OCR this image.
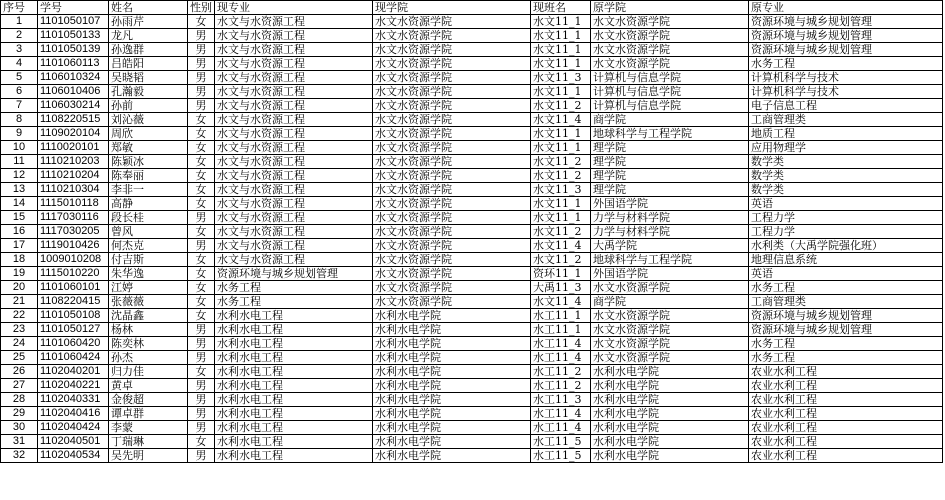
序号	学号	姓名	性别	现专业	现学院	现班名	原学院	原专业
1	1101050107	孙雨芹	女	水文与水资源工程	水文水资源学院	水文11_1	水文水资源学院	资源环境与城乡规划管理
2	1101050133	龙凡	男	水文与水资源工程	水文水资源学院	水文11_1	水文水资源学院	资源环境与城乡规划管理
3	1101050139	孙逸群	男	水文与水资源工程	水文水资源学院	水文11_1	水文水资源学院	资源环境与城乡规划管理
4	1101060113	吕皓阳	男	水文与水资源工程	水文水资源学院	水文11_1	水文水资源学院	水务工程
5	1106010324	吴晓韬	男	水文与水资源工程	水文水资源学院	水文11_3	计算机与信息学院	计算机科学与技术
6	1106010406	孔瀚毅	男	水文与水资源工程	水文水资源学院	水文11_1	计算机与信息学院	计算机科学与技术
7	1106030214	孙前	男	水文与水资源工程	水文水资源学院	水文11_2	计算机与信息学院	电子信息工程
8	1108220515	刘沁薇	女	水文与水资源工程	水文水资源学院	水文11_4	商学院	工商管理类
9	1109020104	周欣	女	水文与水资源工程	水文水资源学院	水文11_1	地球科学与工程学院	地质工程
10	1110020101	郑敏	女	水文与水资源工程	水文水资源学院	水文11_1	理学院	应用物理学
11	1110210203	陈颖冰	女	水文与水资源工程	水文水资源学院	水文11_2	理学院	数学类
12	1110210204	陈奉丽	女	水文与水资源工程	水文水资源学院	水文11_2	理学院	数学类
13	1110210304	李非一	女	水文与水资源工程	水文水资源学院	水文11_3	理学院	数学类
14	1115010118	高静	女	水文与水资源工程	水文水资源学院	水文11_1	外国语学院	英语
15	1117030116	段长桂	男	水文与水资源工程	水文水资源学院	水文11_1	力学与材料学院	工程力学
16	1117030205	曾风	女	水文与水资源工程	水文水资源学院	水文11_2	力学与材料学院	工程力学
17	1119010426	何杰克	男	水文与水资源工程	水文水资源学院	水文11_4	大禹学院	水利类（大禹学院强化班）
18	1009010208	付吉斯	女	水文与水资源工程	水文水资源学院	水文11_2	地球科学与工程学院	地理信息系统
19	1115010220	朱华逸	女	资源环境与城乡规划管理	水文水资源学院	资环11_1	外国语学院	英语
20	1101060101	江婷	女	水务工程	水文水资源学院	大禹11_3	水文水资源学院	水务工程
21	1108220415	张薇薇	女	水务工程	水文水资源学院	水文11_4	商学院	工商管理类
22	1101050108	沈晶鑫	女	水利水电工程	水利水电学院	水工11_1	水文水资源学院	资源环境与城乡规划管理
23	1101050127	杨林	男	水利水电工程	水利水电学院	水工11_1	水文水资源学院	资源环境与城乡规划管理
24	1101060420	陈奕林	男	水利水电工程	水利水电学院	水工11_4	水文水资源学院	水务工程
25	1101060424	孙杰	男	水利水电工程	水利水电学院	水工11_4	水文水资源学院	水务工程
26	1102040201	归力佳	女	水利水电工程	水利水电学院	水工11_2	水利水电学院	农业水利工程
27	1102040221	黄卓	男	水利水电工程	水利水电学院	水工11_2	水利水电学院	农业水利工程
28	1102040331	金俊超	男	水利水电工程	水利水电学院	水工11_3	水利水电学院	农业水利工程
29	1102040416	谭卓群	男	水利水电工程	水利水电学院	水工11_4	水利水电学院	农业水利工程
30	1102040424	李蒙	男	水利水电工程	水利水电学院	水工11_4	水利水电学院	农业水利工程
31	1102040501	丁瑞琳	女	水利水电工程	水利水电学院	水工11_5	水利水电学院	农业水利工程
32	1102040534	吴先明	男	水利水电工程	水利水电学院	水工11_5	水利水电学院	农业水利工程
